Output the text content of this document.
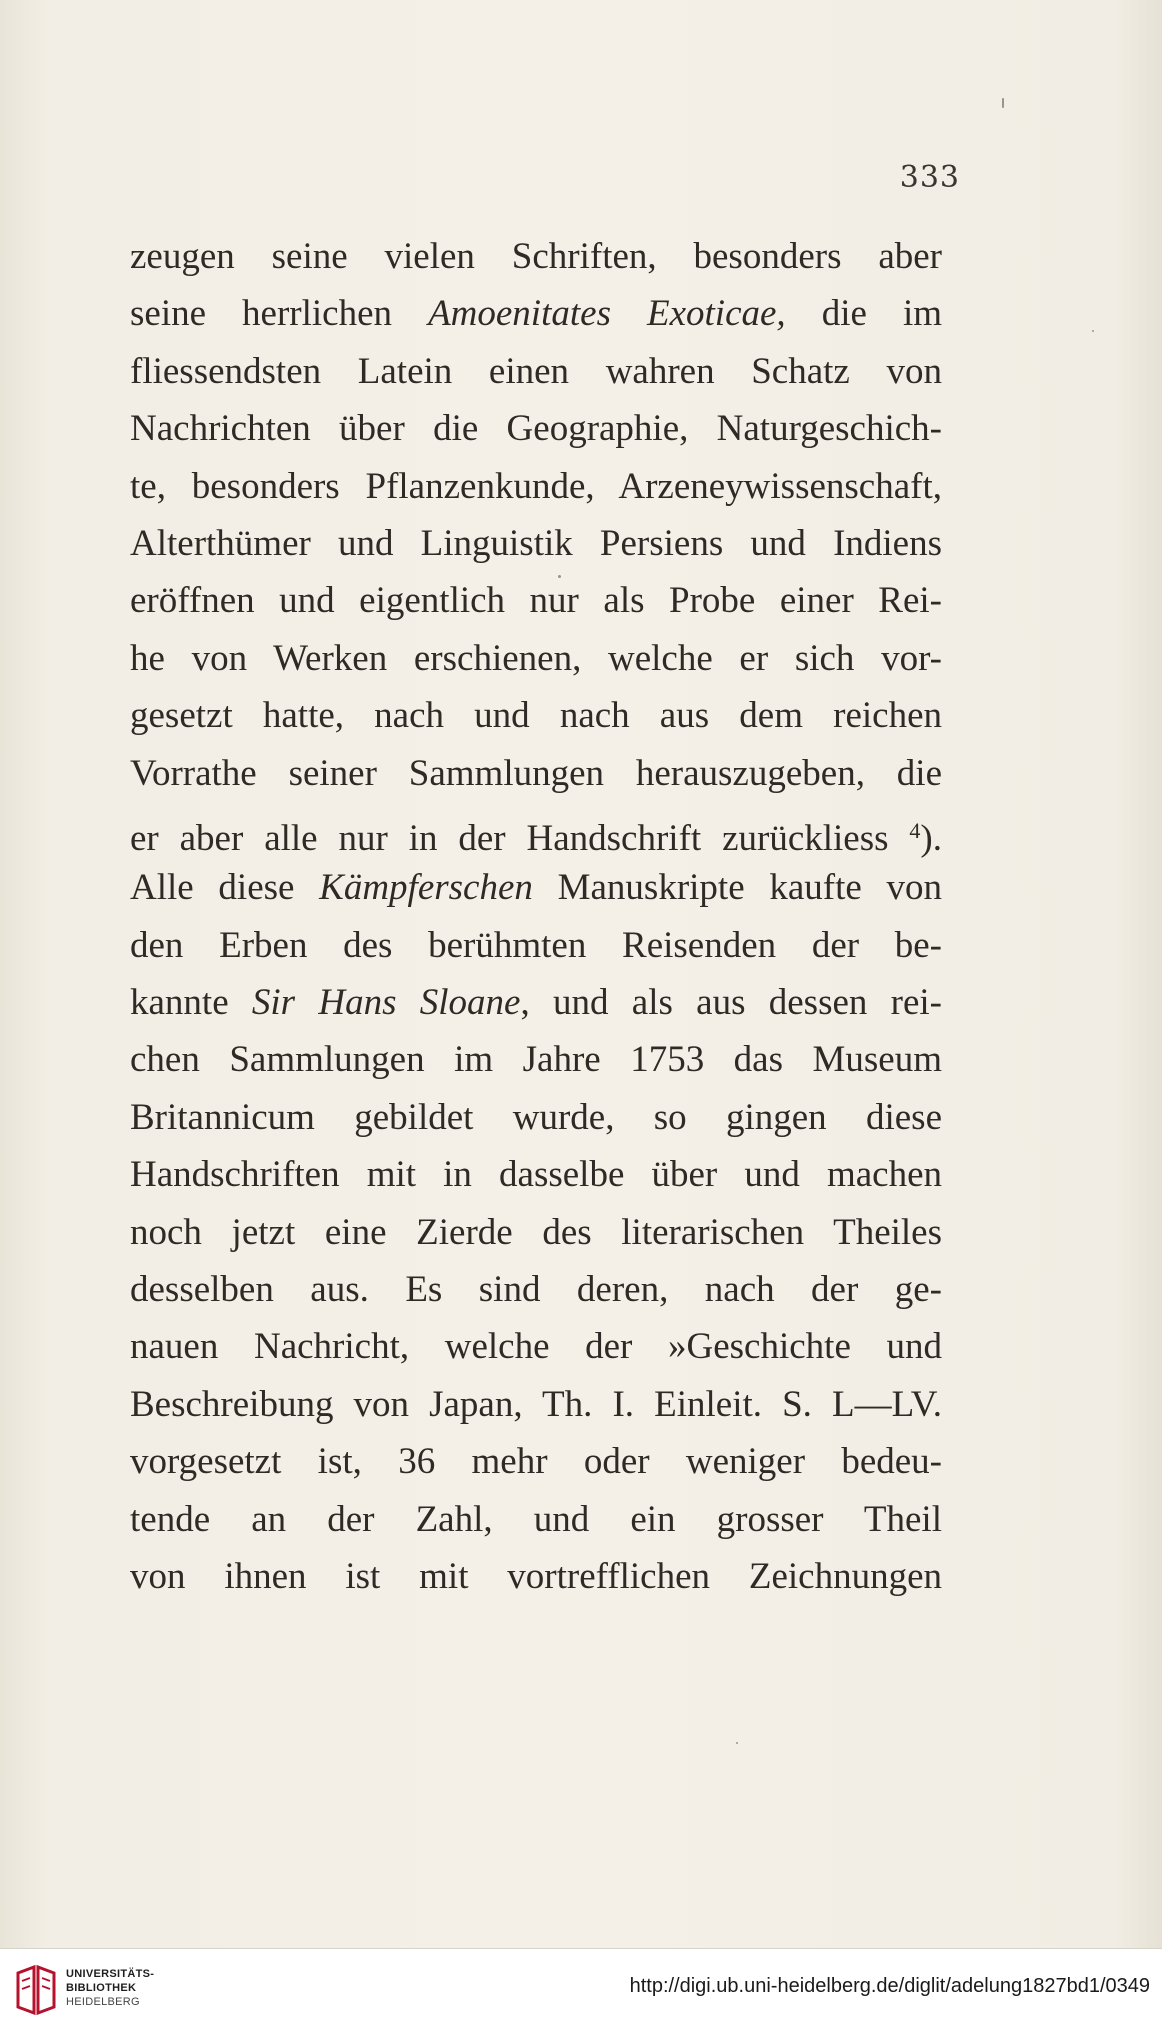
333
zeugen seine vielen Schriften, besonders aber
seine herrlichen Amoenitates Exoticae, die im
fliessendsten Latein einen wahren Schatz von
Nachrichten über die Geographie, Naturgeschich-
te, besonders Pflanzenkunde, Arzeneywissenschaft,
Alterthümer und Linguistik Persiens und Indiens
eröffnen und eigentlich nur als Probe einer Rei-
he von Werken erschienen, welche er sich vor-
gesetzt hatte, nach und nach aus dem reichen
Vorrathe seiner Sammlungen herauszugeben, die
er aber alle nur in der Handschrift zurückliess $^4$).
Alle diese Kämpferschen Manuskripte kaufte von
den Erben des berühmten Reisenden der be-
kannte Sir Hans Sloane, und als aus dessen rei-
chen Sammlungen im Jahre 1753 das Museum
Britannicum gebildet wurde, so gingen diese
Handschriften mit in dasselbe über und machen
noch jetzt eine Zierde des literarischen Theiles
desselben aus. Es sind deren, nach der ge-
nauen Nachricht, welche der »Geschichte und
Beschreibung von Japan, Th. I. Einleit. S. L—LV.
vorgesetzt ist, 36 mehr oder weniger bedeu-
tende an der Zahl, und ein grosser Theil
von ihnen ist mit vortrefflichen Zeichnungen
UNIVERSITÄTS-
BIBLIOTHEK
HEIDELBERG
http://digi.ub.uni-heidelberg.de/diglit/adelung1827bd1/0349
